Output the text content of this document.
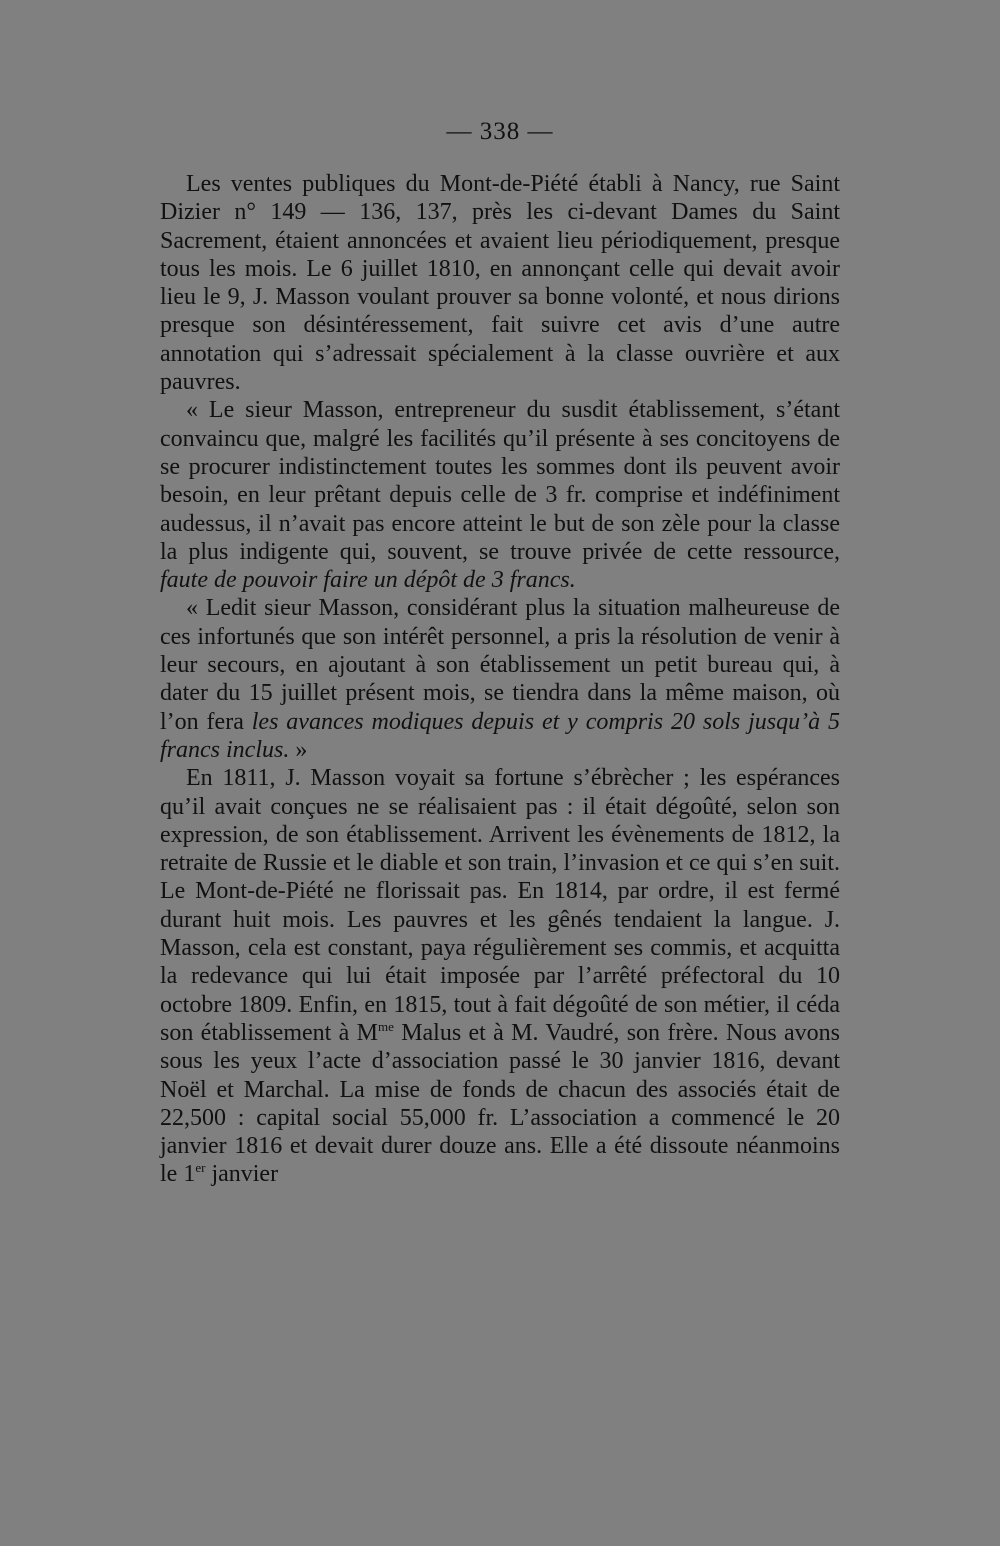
— 338 —

Les ventes publiques du Mont-de-Piété établi à Nancy, rue Saint Dizier n° 149 — 136, 137, près les ci-devant Dames du Saint Sacrement, étaient annoncées et avaient lieu périodiquement, presque tous les mois. Le 6 juillet 1810, en annonçant celle qui devait avoir lieu le 9, J. Masson voulant prouver sa bonne volonté, et nous dirions presque son désintéressement, fait suivre cet avis d’une autre annotation qui s’adressait spécialement à la classe ouvrière et aux pauvres.

« Le sieur Masson, entrepreneur du susdit établissement, s’étant convaincu que, malgré les facilités qu’il présente à ses concitoyens de se procurer indistinctement toutes les sommes dont ils peuvent avoir besoin, en leur prêtant depuis celle de 3 fr. comprise et indéfiniment audessus, il n’avait pas encore atteint le but de son zèle pour la classe la plus indigente qui, souvent, se trouve privée de cette ressource, faute de pouvoir faire un dépôt de 3 francs.

« Ledit sieur Masson, considérant plus la situation malheureuse de ces infortunés que son intérêt personnel, a pris la résolution de venir à leur secours, en ajoutant à son établissement un petit bureau qui, à dater du 15 juillet présent mois, se tiendra dans la même maison, où l’on fera les avances modiques depuis et y compris 20 sols jusqu’à 5 francs inclus. »

En 1811, J. Masson voyait sa fortune s’ébrècher ; les espérances qu’il avait conçues ne se réalisaient pas : il était dégoûté, selon son expression, de son établissement. Arrivent les évènements de 1812, la retraite de Russie et le diable et son train, l’invasion et ce qui s’en suit. Le Mont-de-Piété ne florissait pas. En 1814, par ordre, il est fermé durant huit mois. Les pauvres et les gênés tendaient la langue. J. Masson, cela est constant, paya régulièrement ses commis, et acquitta la redevance qui lui était imposée par l’arrêté préfectoral du 10 octobre 1809. Enfin, en 1815, tout à fait dégoûté de son métier, il céda son établissement à $M^{me}$ Malus et à M. Vaudré, son frère. Nous avons sous les yeux l’acte d’association passé le 30 janvier 1816, devant Noël et Marchal. La mise de fonds de chacun des associés était de 22,500 : capital social 55,000 fr. L’association a commencé le 20 janvier 1816 et devait durer douze ans. Elle a été dissoute néanmoins le 1er janvier
